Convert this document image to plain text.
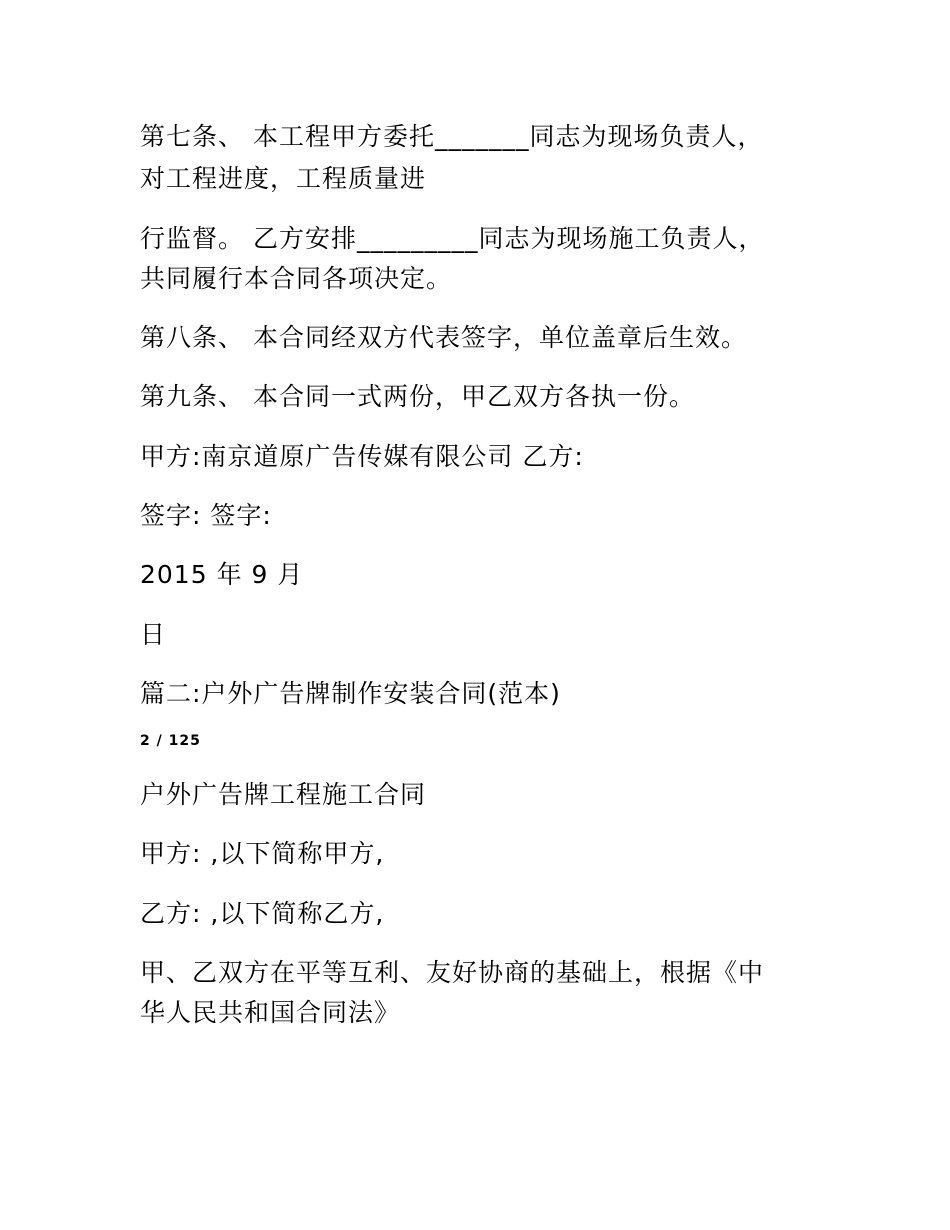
第七条、 本工程甲方委托_______同志为现场负责人，
对工程进度，工程质量进
行监督。 乙方安排_________同志为现场施工负责人，
共同履行本合同各项决定。
第八条、 本合同经双方代表签字，单位盖章后生效。
第九条、 本合同一式两份，甲乙双方各执一份。
甲方:南京道原广告传媒有限公司 乙方:
签字: 签字:
2015 年 9 月
日
篇二:户外广告牌制作安装合同(范本)
2 / 125
户外广告牌工程施工合同
甲方: ,以下简称甲方,
乙方: ,以下简称乙方,
甲、乙双方在平等互利、友好协商的基础上，根据《中
华人民共和国合同法》
